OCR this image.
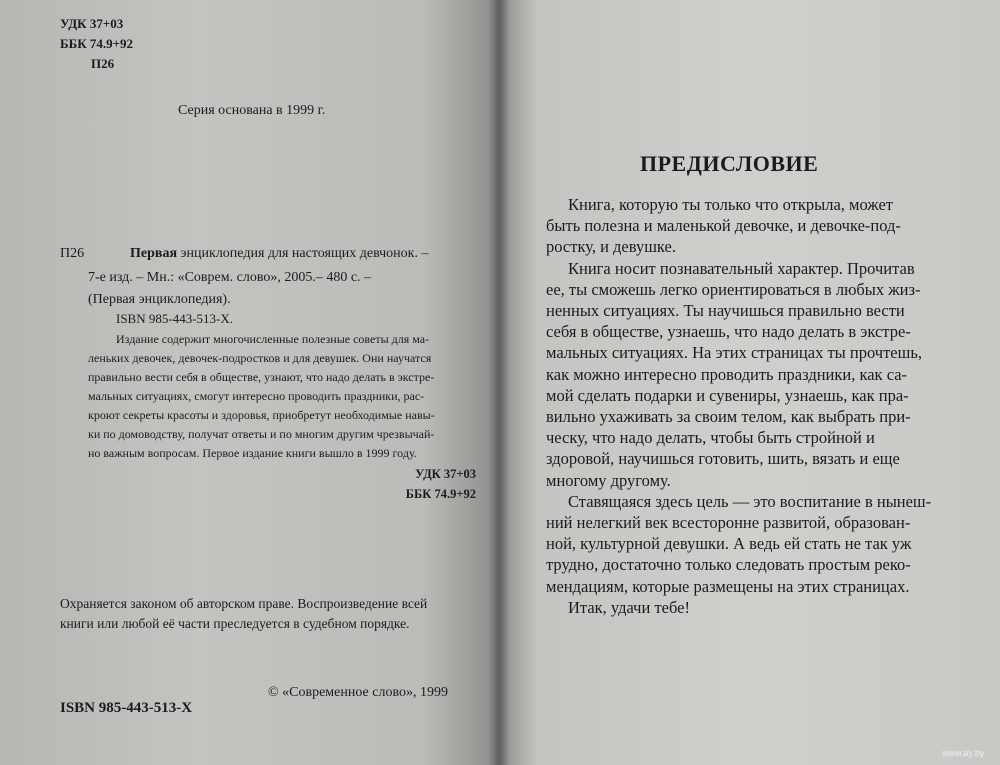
УДК 37+03
ББК 74.9+92
П26
Серия основана в 1999 г.
П26	Первая энциклопедия для настоящих девчонок. –
7-е изд. – Мн.: «Соврем. слово», 2005.– 480 с. –
(Первая энциклопедия).
ISBN 985-443-513-X.

Издание содержит многочисленные полезные советы для ма-

леньких девочек, девочек-подростков и для девушек. Они научатся

правильно вести себя в обществе, узнают, что надо делать в экстре-

мальных ситуациях, смогут интересно проводить праздники, рас-

кроют секреты красоты и здоровья, приобретут необходимые навы-

ки по домоводству, получат ответы и по многим другим чрезвычай-

но важным вопросам. Первое издание книги вышло в 1999 году.

УДК 37+03
ББК 74.9+92

Охраняется законом об авторском праве. Воспроизведение всей

книги или любой её части преследуется в судебном порядке.

© «Современное слово», 1999
ISBN 985-443-513-X
ПРЕДИСЛОВИЕ

Книга, которую ты только что открыла, может

быть полезна и маленькой девочке, и девочке-под-

ростку, и девушке.

Книга носит познавательный характер. Прочитав

ее, ты сможешь легко ориентироваться в любых жиз-

ненных ситуациях. Ты научишься правильно вести

себя в обществе, узнаешь, что надо делать в экстре-

мальных ситуациях. На этих страницах ты прочтешь,

как можно интересно проводить праздники, как са-

мой сделать подарки и сувениры, узнаешь, как пра-

вильно ухаживать за своим телом, как выбрать при-

ческу, что надо делать, чтобы быть стройной и

здоровой, научишься готовить, шить, вязать и еще

многому другому.

Ставящаяся здесь цель — это воспитание в нынеш-

ний нелегкий век всесторонне развитой, образован-

ной, культурной девушки. А ведь ей стать не так уж

трудно, достаточно только следовать простым реко-

мендациям, которые размещены на этих страницах.

Итак, удачи тебе!

www.ay.by
